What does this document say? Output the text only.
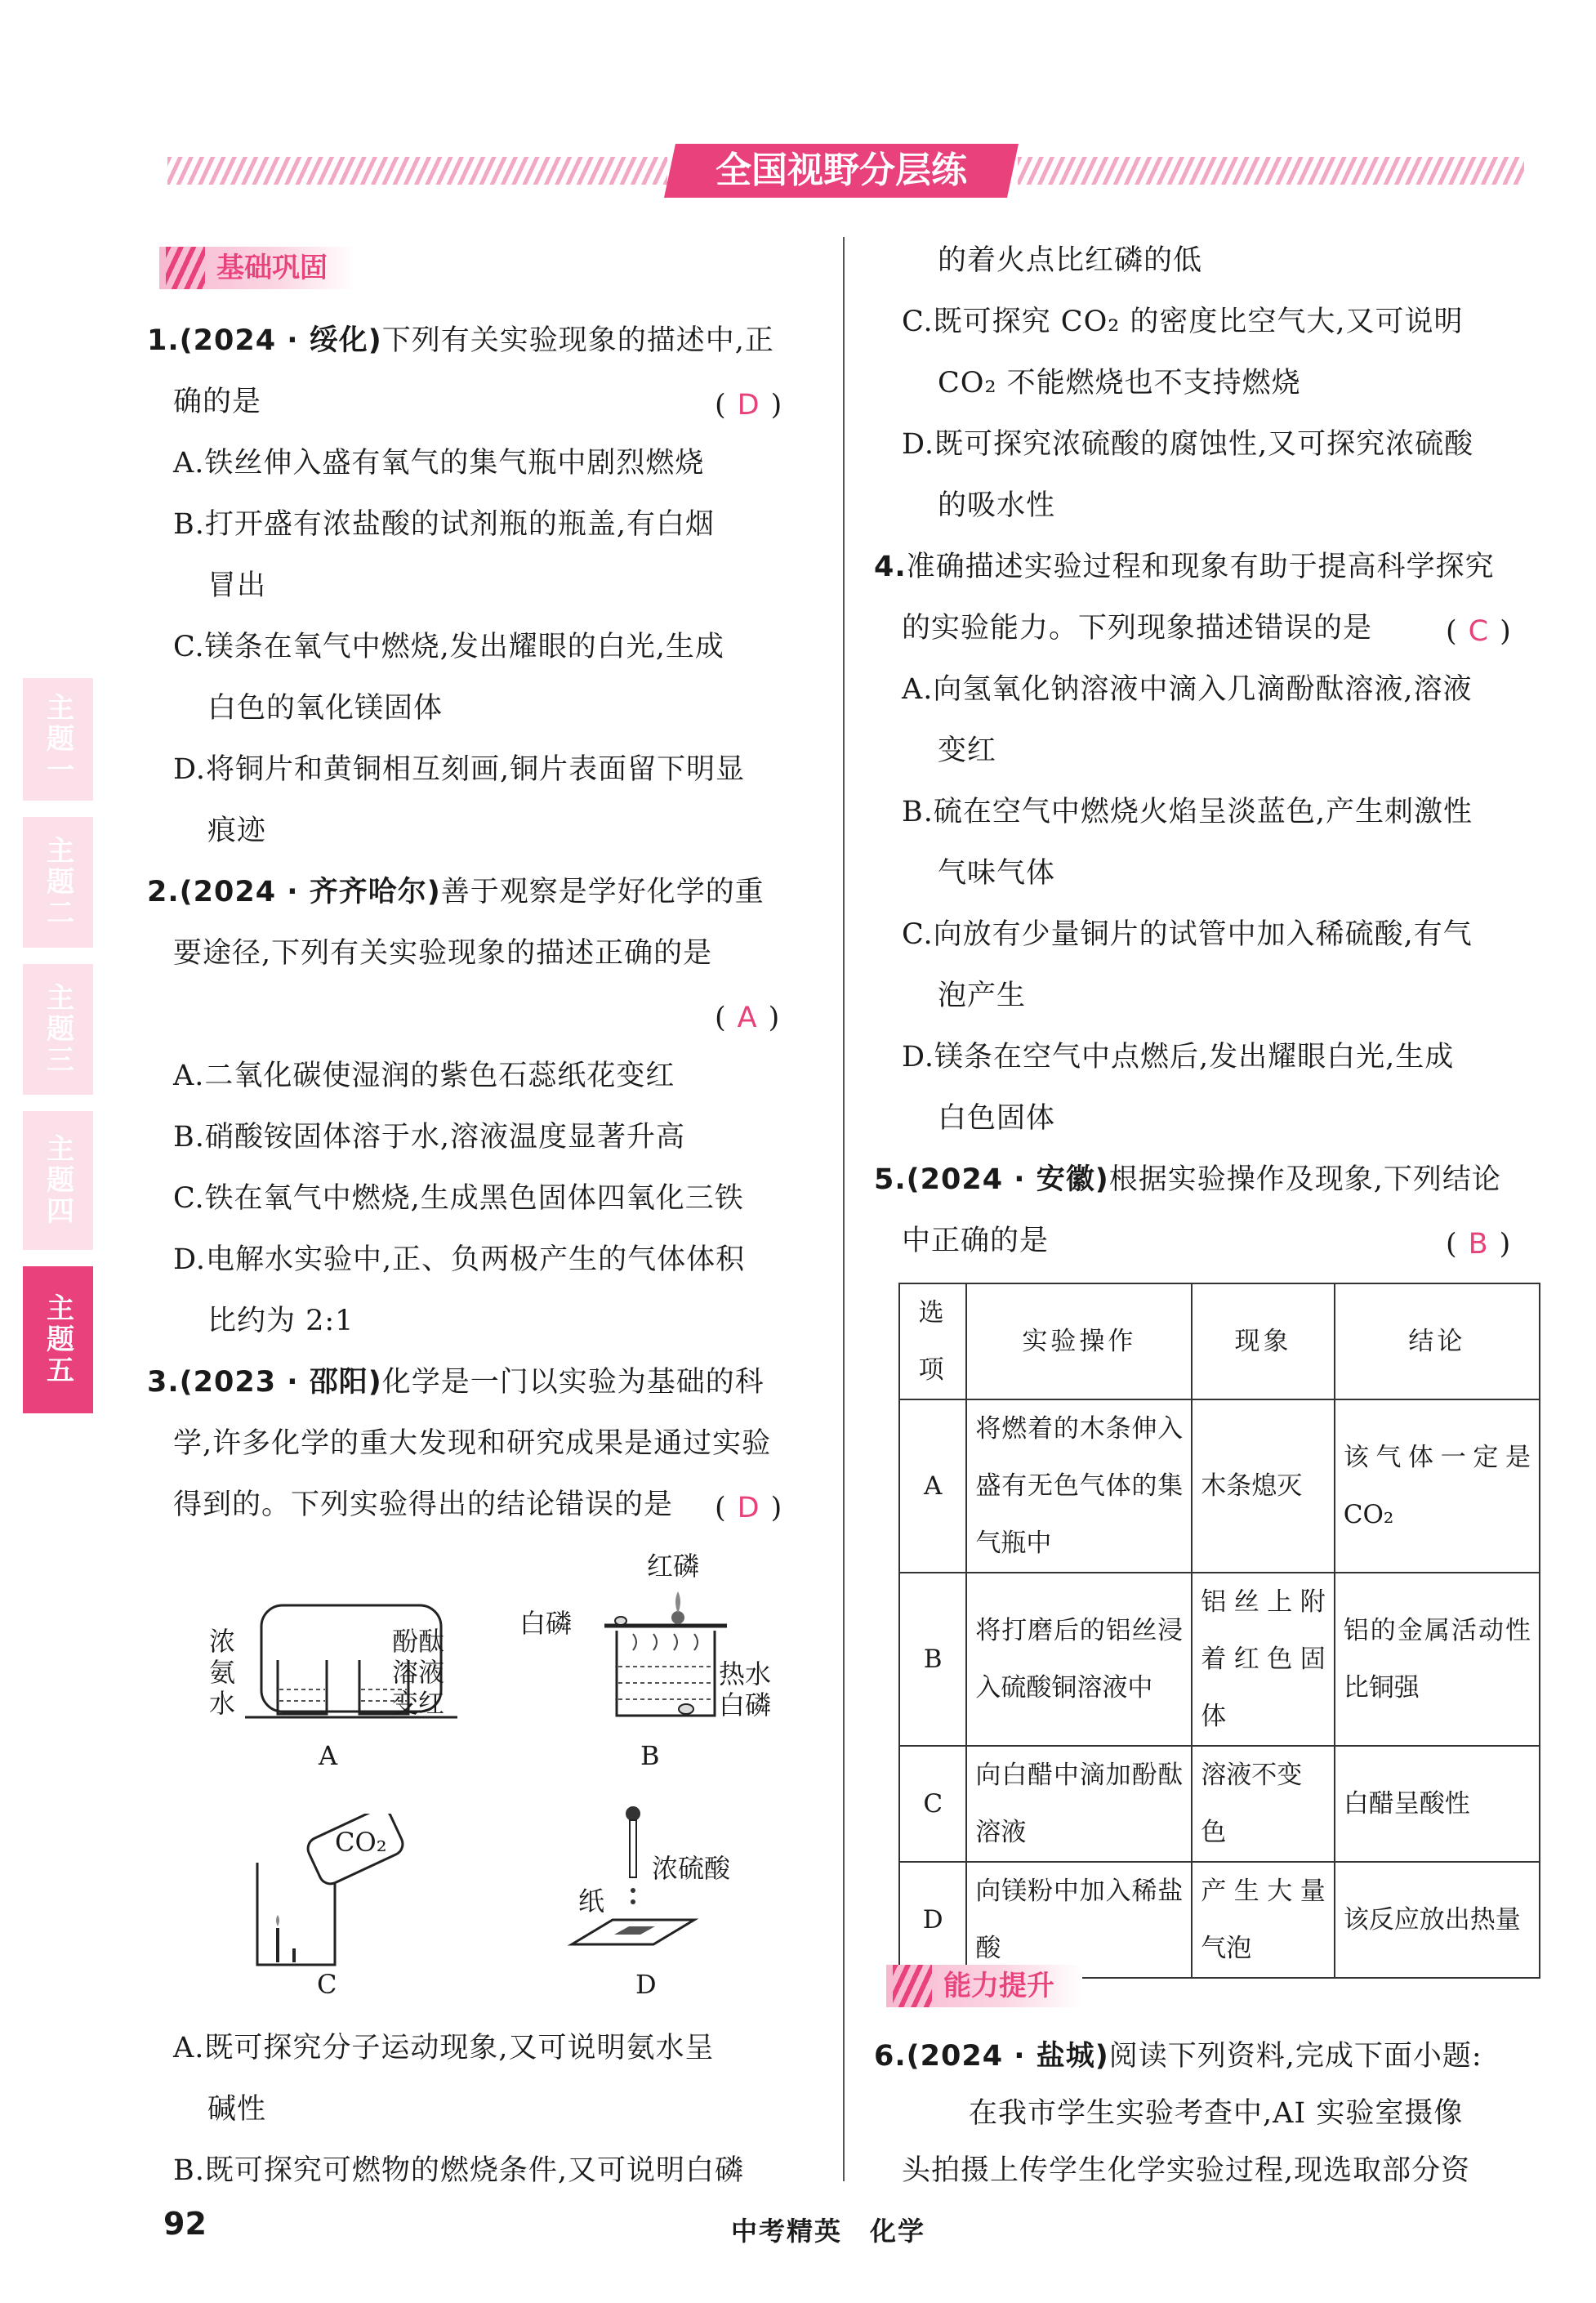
全国视野分层练
主题一
主题二
主题三
主题四
主题五
基础巩固
1.(2024 · 绥化)下列有关实验现象的描述中,正
确的是	( D )
A.铁丝伸入盛有氧气的集气瓶中剧烈燃烧
B.打开盛有浓盐酸的试剂瓶的瓶盖,有白烟
冒出
C.镁条在氧气中燃烧,发出耀眼的白光,生成
白色的氧化镁固体
D.将铜片和黄铜相互刻画,铜片表面留下明显
痕迹
2.(2024 · 齐齐哈尔)善于观察是学好化学的重
要途径,下列有关实验现象的描述正确的是
( A )
A.二氧化碳使湿润的紫色石蕊纸花变红
B.硝酸铵固体溶于水,溶液温度显著升高
C.铁在氧气中燃烧,生成黑色固体四氧化三铁
D.电解水实验中,正、负两极产生的气体体积
比约为 2:1
3.(2023 · 邵阳)化学是一门以实验为基础的科
学,许多化学的重大发现和研究成果是通过实验
得到的。下列实验得出的结论错误的是 ( D )
浓
氨
水
酚酞
溶液
变红
A
红磷
白磷
热水
白磷
B
CO₂
C
浓硫酸
纸
D
A.既可探究分子运动现象,又可说明氨水呈
碱性
B.既可探究可燃物的燃烧条件,又可说明白磷
的着火点比红磷的低
C.既可探究 CO₂ 的密度比空气大,又可说明
CO₂ 不能燃烧也不支持燃烧
D.既可探究浓硫酸的腐蚀性,又可探究浓硫酸
的吸水性
4.准确描述实验过程和现象有助于提高科学探究
的实验能力。下列现象描述错误的是	( C )
A.向氢氧化钠溶液中滴入几滴酚酞溶液,溶液
变红
B.硫在空气中燃烧火焰呈淡蓝色,产生刺激性
气味气体
C.向放有少量铜片的试管中加入稀硫酸,有气
泡产生
D.镁条在空气中点燃后,发出耀眼白光,生成
白色固体
5.(2024 · 安徽)根据实验操作及现象,下列结论
中正确的是	( B )
选项	实验操作	现象	结论
A	将燃着的木条伸入盛有无色气体的集气瓶中	木条熄灭	该气体一定是 CO₂
B	将打磨后的铝丝浸入硫酸铜溶液中	铝丝上附着红色固体	铝的金属活动性比铜强
C	向白醋中滴加酚酞溶液	溶液不变色	白醋呈酸性
D	向镁粉中加入稀盐酸	产生大量气泡	该反应放出热量
能力提升
6.(2024 · 盐城)阅读下列资料,完成下面小题:
在我市学生实验考查中,AI 实验室摄像
头拍摄上传学生化学实验过程,现选取部分资
92	中考精英　化学
